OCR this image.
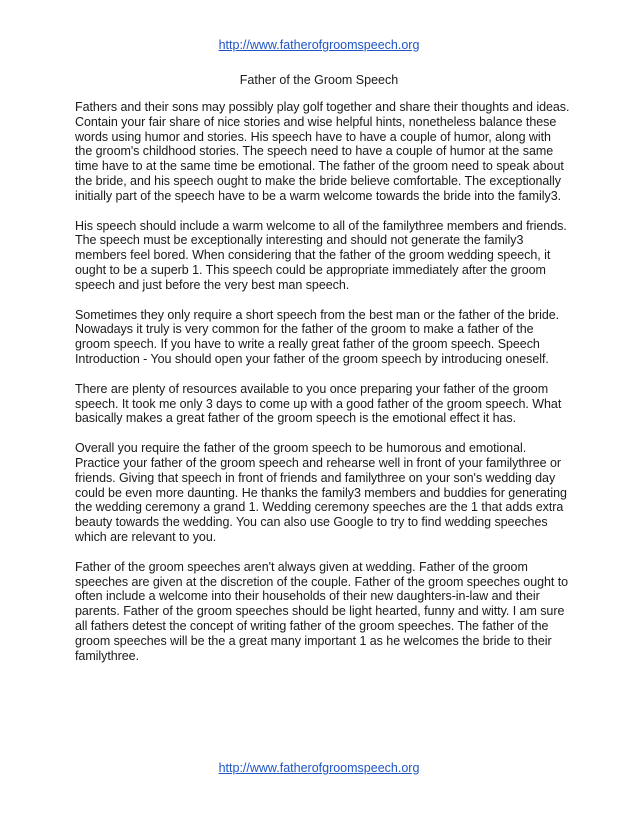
http://www.fatherofgroomspeech.org
Father of the Groom Speech

Fathers and their sons may possibly play golf together and share their thoughts and ideas. Contain your fair share of nice stories and wise helpful hints, nonetheless balance these words using humor and stories. His speech have to have a couple of humor, along with the groom's childhood stories. The speech need to have a couple of humor at the same time have to at the same time be emotional. The father of the groom need to speak about the bride, and his speech ought to make the bride believe comfortable. The exceptionally initially part of the speech have to be a warm welcome towards the bride into the family3.

His speech should include a warm welcome to all of the familythree members and friends. The speech must be exceptionally interesting and should not generate the family3 members feel bored. When considering that the father of the groom wedding speech, it ought to be a superb 1. This speech could be appropriate immediately after the groom speech and just before the very best man speech.

Sometimes they only require a short speech from the best man or the father of the bride. Nowadays it truly is very common for the father of the groom to make a father of the groom speech. If you have to write a really great father of the groom speech. Speech Introduction - You should open your father of the groom speech by introducing oneself.

There are plenty of resources available to you once preparing your father of the groom speech. It took me only 3 days to come up with a good father of the groom speech. What basically makes a great father of the groom speech is the emotional effect it has.

Overall you require the father of the groom speech to be humorous and emotional. Practice your father of the groom speech and rehearse well in front of your familythree or friends. Giving that speech in front of friends and familythree on your son's wedding day could be even more daunting. He thanks the family3 members and buddies for generating the wedding ceremony a grand 1. Wedding ceremony speeches are the 1 that adds extra beauty towards the wedding. You can also use Google to try to find wedding speeches which are relevant to you.

Father of the groom speeches aren't always given at wedding. Father of the groom speeches are given at the discretion of the couple. Father of the groom speeches ought to often include a welcome into their households of their new daughters-in-law and their parents. Father of the groom speeches should be light hearted, funny and witty. I am sure all fathers detest the concept of writing father of the groom speeches. The father of the groom speeches will be the a great many important 1 as he welcomes the bride to their familythree.

http://www.fatherofgroomspeech.org
